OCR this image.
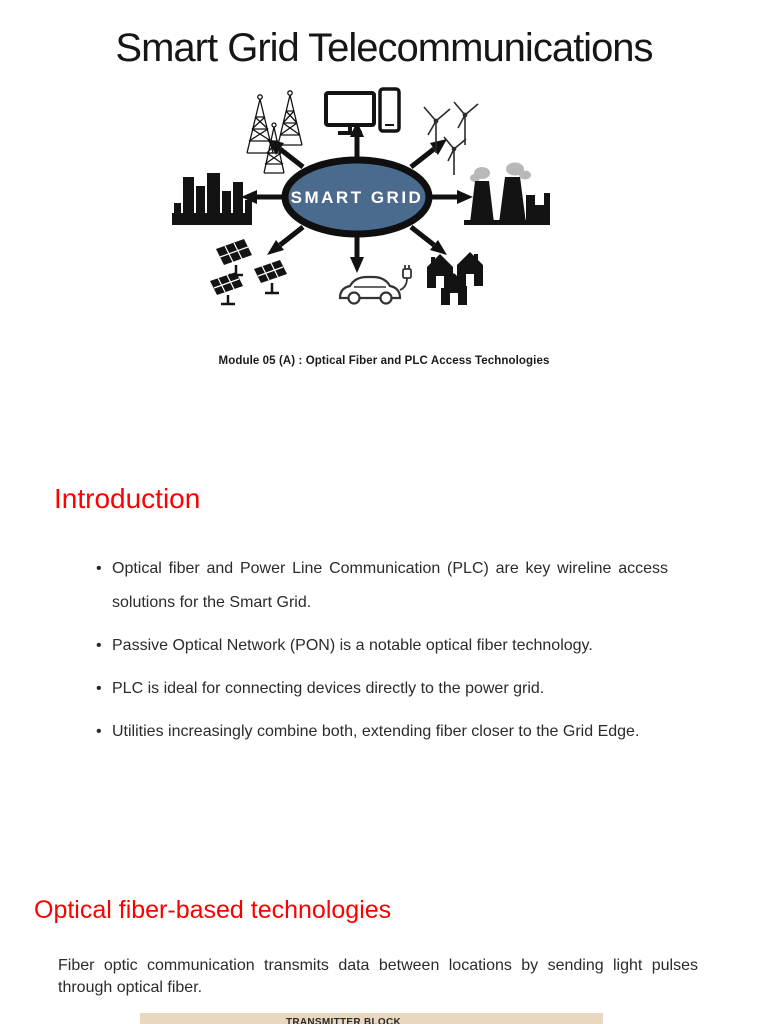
Smart Grid Telecommunications
SMART GRID
Module 05 (A) : Optical Fiber and PLC Access Technologies
Introduction
• Optical fiber and Power Line Communication (PLC) are key wireline access solutions for the Smart Grid.
• Passive Optical Network (PON) is a notable optical fiber technology.
• PLC is ideal for connecting devices directly to the power grid.
• Utilities increasingly combine both, extending fiber closer to the Grid Edge.
Optical fiber-based technologies

Fiber optic communication transmits data between locations by sending light pulses through optical fiber.

TRANSMITTER BLOCK
